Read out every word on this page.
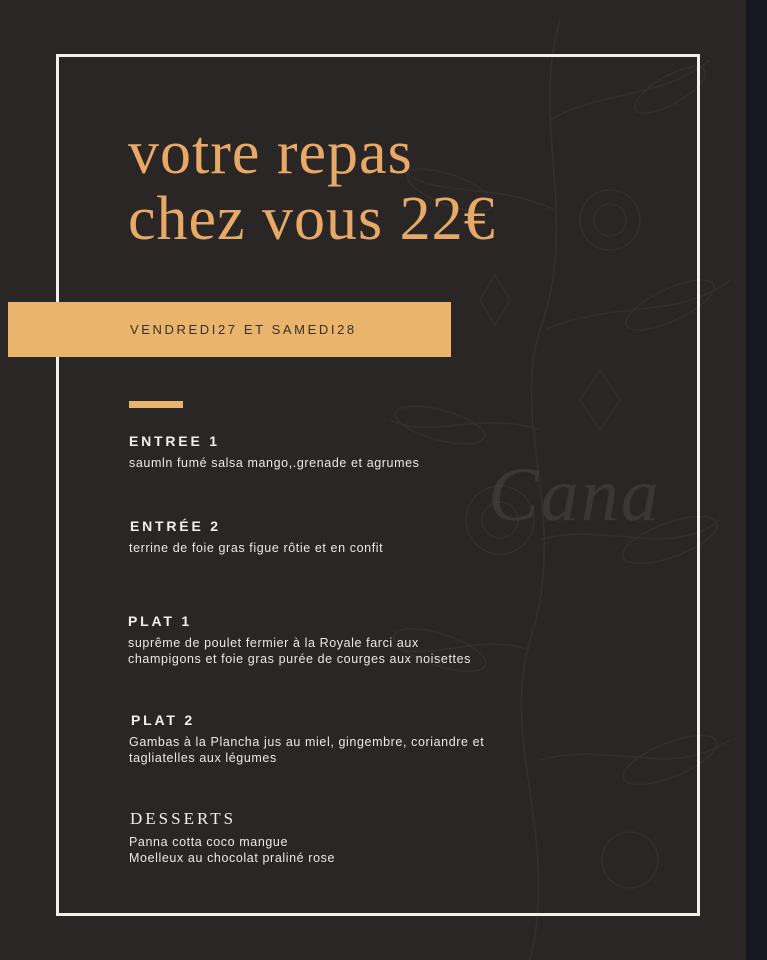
Cana
votre repas
chez vous 22€
VENDREDI27 ET SAMEDI28
ENTREE 1

saumln fumé salsa mango,.grenade et agrumes

ENTRÉE 2

terrine de foie gras figue rôtie et en confit

PLAT 1

suprême de poulet fermier à la Royale farci aux
champigons et foie gras purée de courges aux noisettes

PLAT 2

Gambas à la Plancha jus au miel, gingembre, coriandre et
tagliatelles aux légumes

DESSERTS

Panna cotta coco mangue
Moelleux au chocolat praliné rose
